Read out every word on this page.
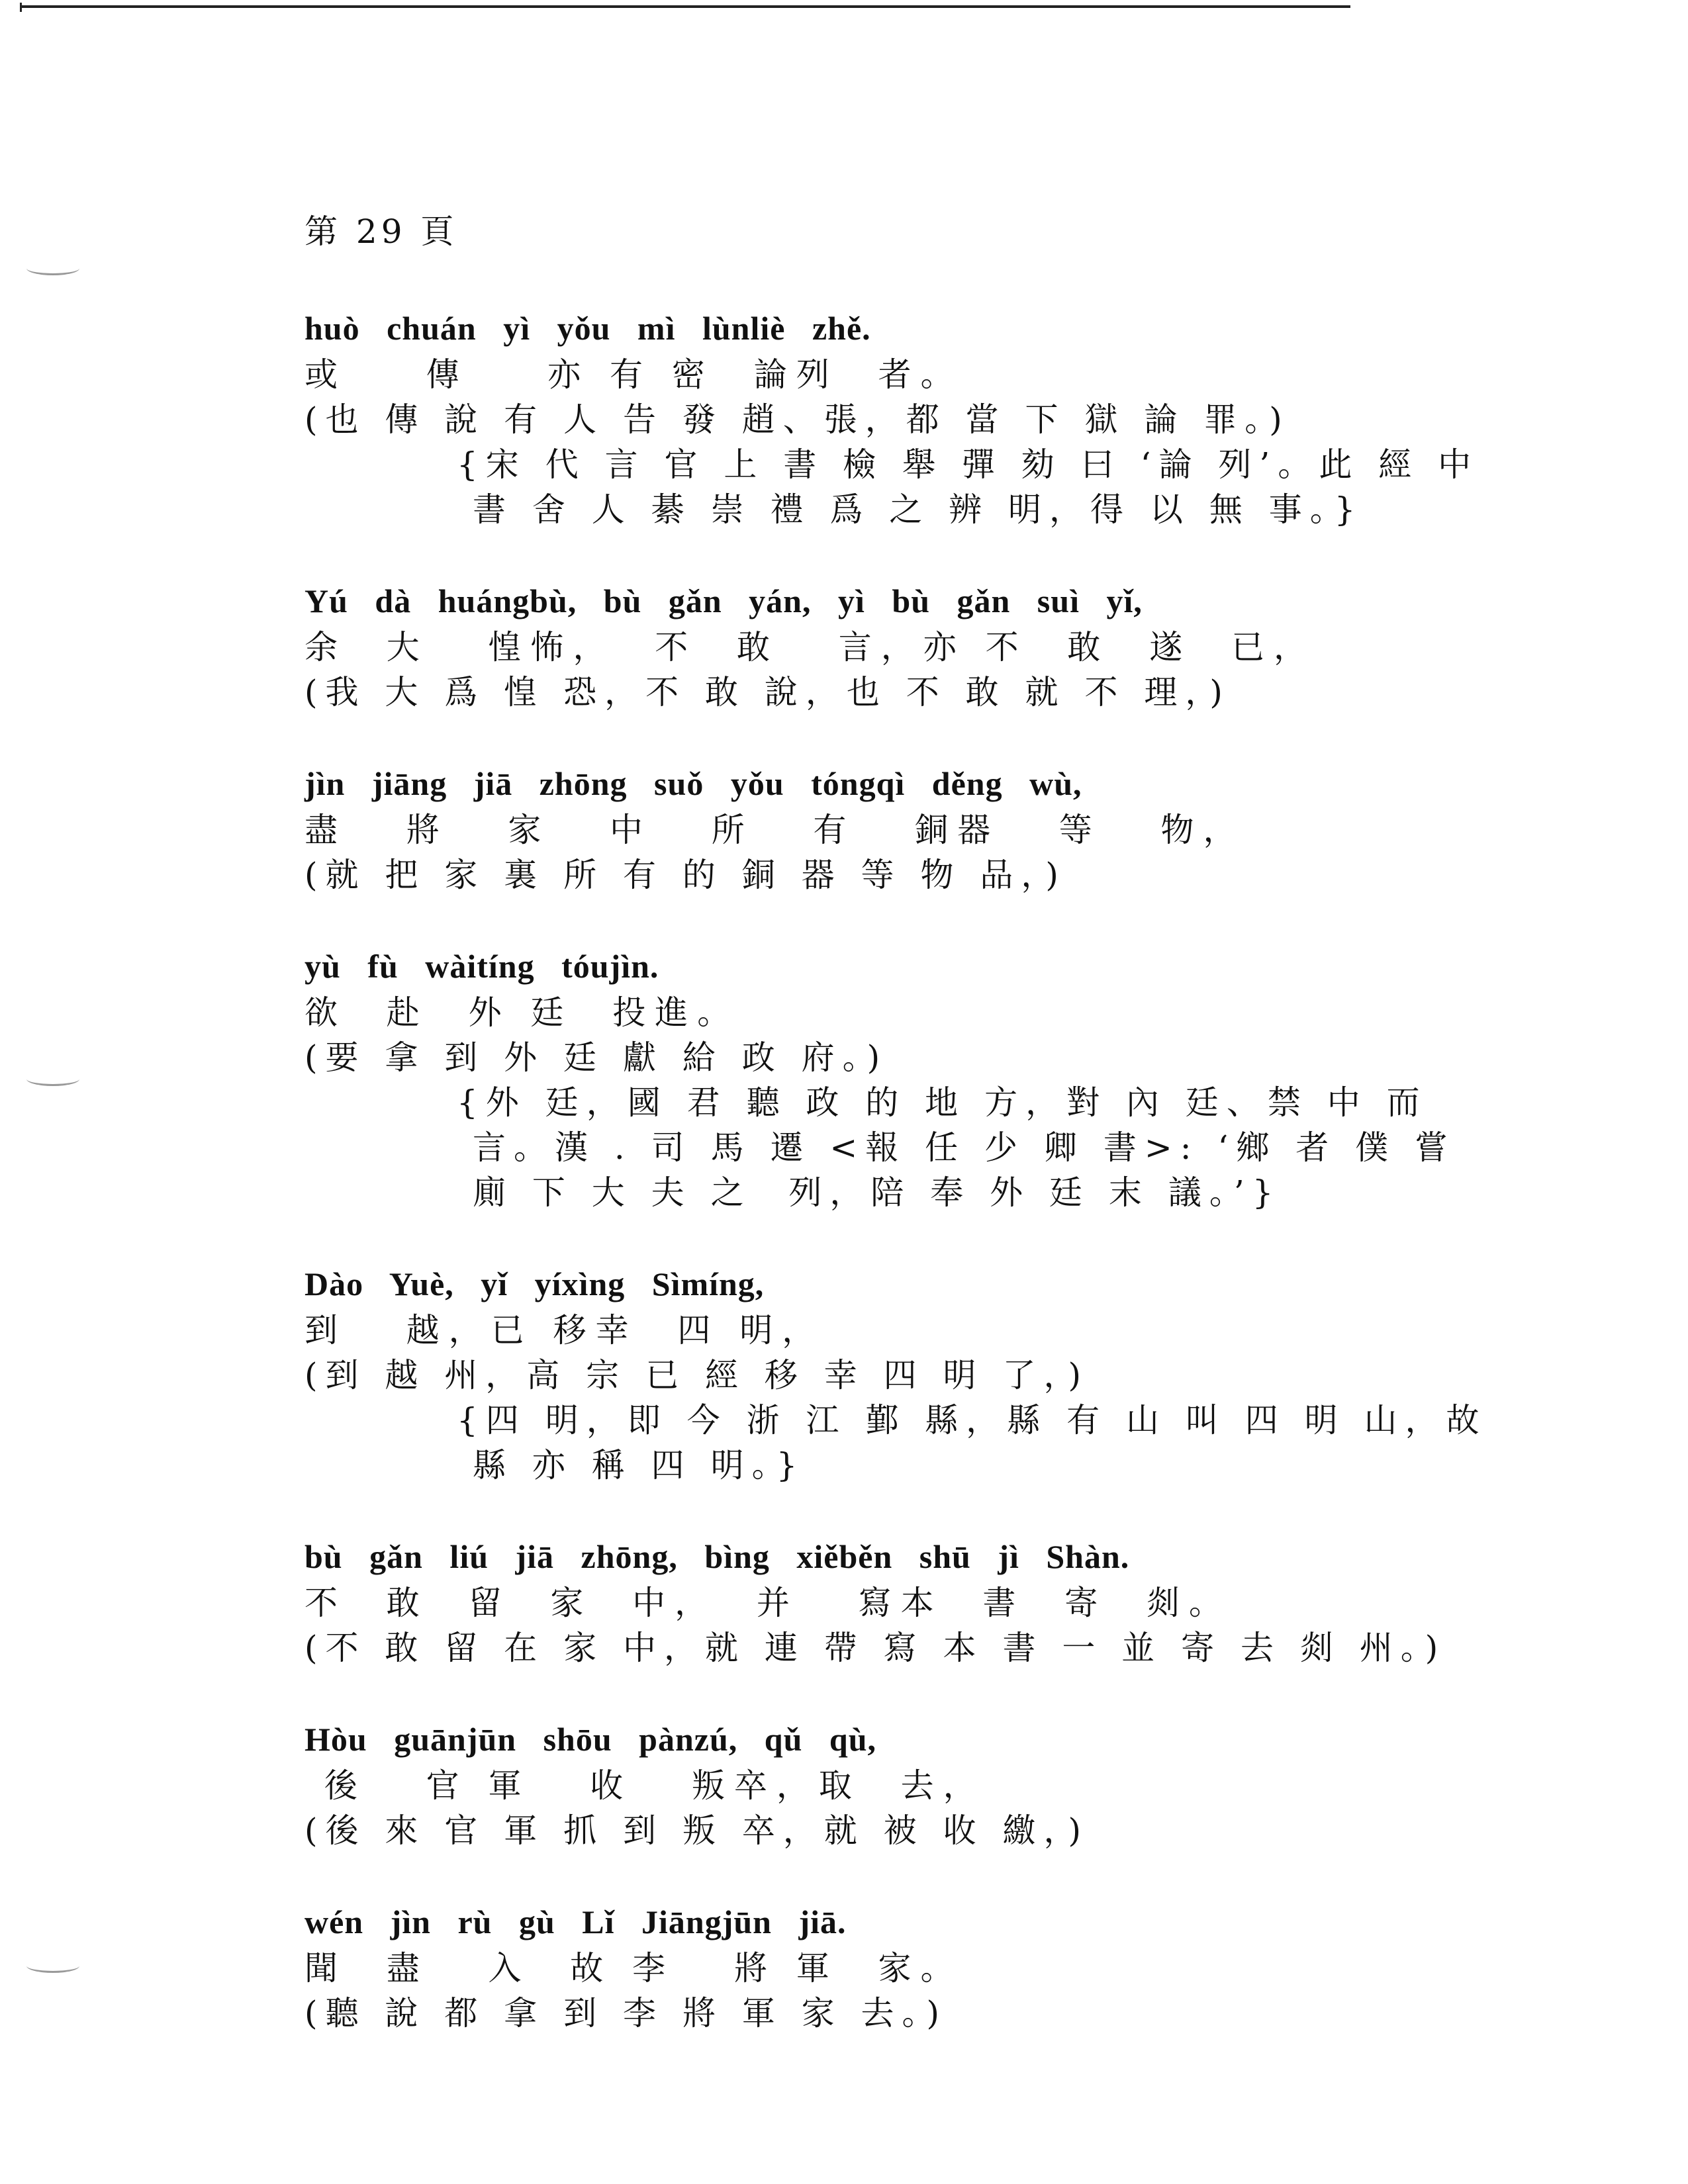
第 29 頁
huò   chuán   yì   yǒu   mì   lùnliè   zhě.
或    傳    亦 有 密  論列  者。
(也 傳 說 有 人 告 發 趙、張，都 當 下 獄 論 罪。)
{宋 代 言 官 上 書 檢 舉 彈 劾 曰 ‘論 列’。此 經 中
書 舍 人 綦 崇 禮 爲 之 辨 明，得 以 無 事。}
Yú   dà   huángbù,   bù   gǎn   yán,   yì   bù   gǎn   suì   yǐ,
余  大   惶怖，  不  敢   言，亦 不  敢  遂  已，
(我 大 爲 惶 恐，不 敢 說，也 不 敢 就 不 理，)
jìn   jiāng   jiā   zhōng   suǒ   yǒu   tóngqì   děng   wù,
盡   將   家   中   所   有   銅器   等   物，
(就 把 家 裏 所 有 的 銅 器 等 物 品，)
yù   fù   wàitíng   tóujìn.
欲  赴  外 廷  投進。
(要 拿 到 外 廷 獻 給 政 府。)
{外 廷，國 君 聽 政 的 地 方，對 內 廷、禁 中 而
言。漢 . 司 馬 遷 <報 任 少 卿 書>: ‘鄉 者 僕 嘗
廁 下 大 夫 之  列，陪 奉 外 廷 末 議。’}
Dào   Yuè,   yǐ   yíxìng   Sìmíng,
到   越，已 移幸  四 明，
(到 越 州，高 宗 已 經 移 幸 四 明 了，)
{四 明，即 今 浙 江 鄞 縣，縣 有 山 叫 四 明 山，故
縣 亦 稱 四 明。}
bù   gǎn   liú   jiā   zhōng,   bìng   xiěběn   shū   jì   Shàn.
不  敢  留  家  中，  并   寫本  書  寄  剡。
(不 敢 留 在 家 中，就 連 帶 寫 本 書 一 並 寄 去 剡 州。)
Hòu   guānjūn   shōu   pànzú,   qǔ   qù,
後   官 軍   收   叛卒，取  去，
(後 來 官 軍 抓 到 叛 卒，就 被 收 繳，)
wén   jìn   rù   gù   Lǐ   Jiāngjūn   jiā.
聞  盡   入  故 李   將 軍  家。
(聽 說 都 拿 到 李 將 軍 家 去。)
